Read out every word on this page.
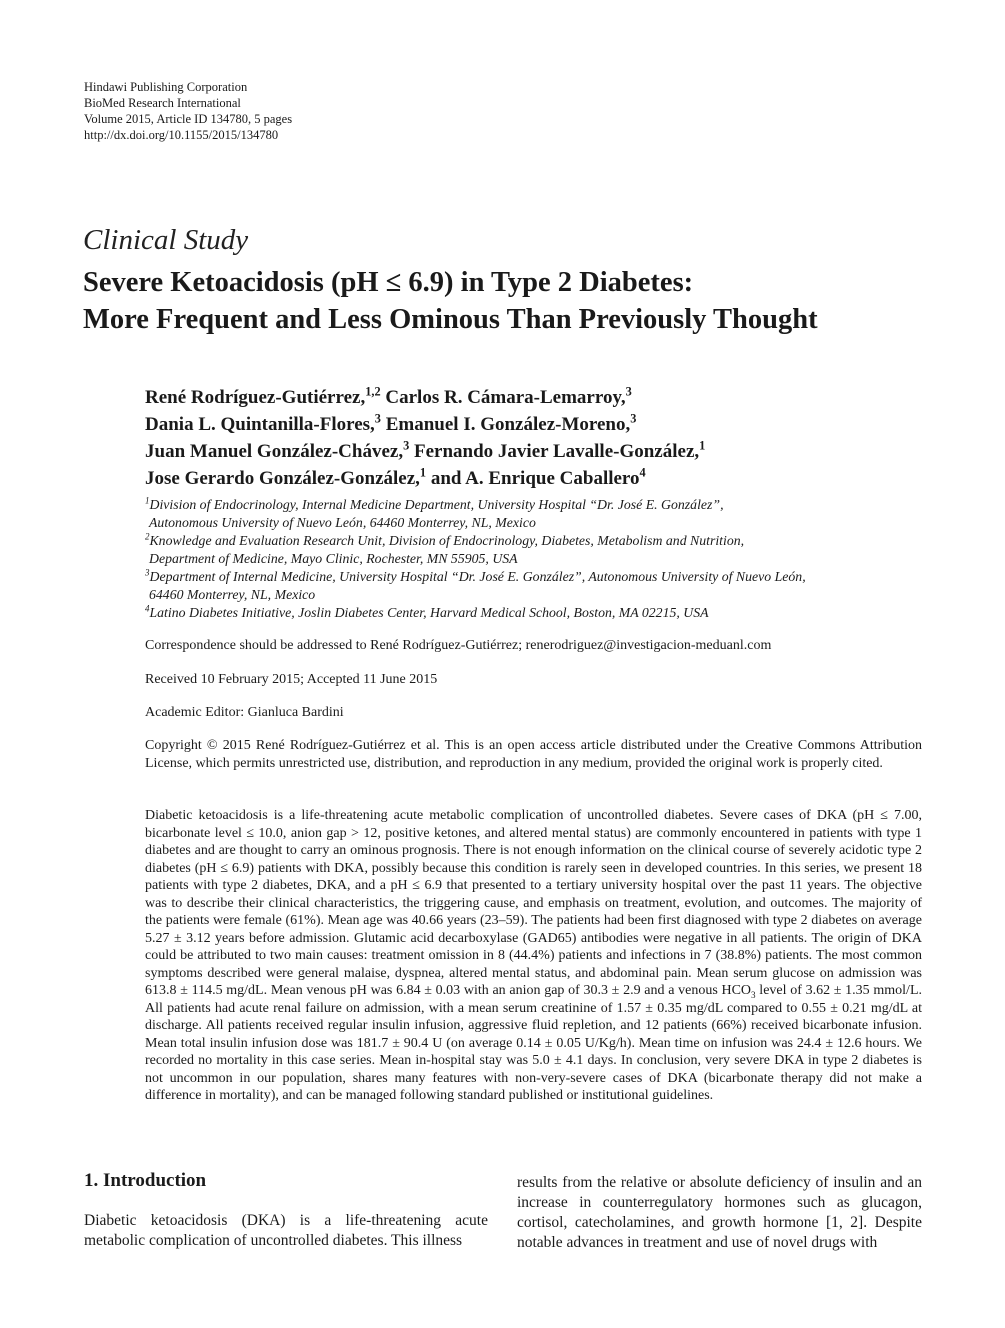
Hindawi Publishing Corporation
BioMed Research International
Volume 2015, Article ID 134780, 5 pages
http://dx.doi.org/10.1155/2015/134780
Clinical Study
Severe Ketoacidosis (pH ≤ 6.9) in Type 2 Diabetes:
More Frequent and Less Ominous Than Previously Thought
René Rodríguez-Gutiérrez,$^{1,2}$ Carlos R. Cámara-Lemarroy,$^3$
Dania L. Quintanilla-Flores,$^3$ Emanuel I. González-Moreno,$^3$
Juan Manuel González-Chávez,$^3$ Fernando Javier Lavalle-González,$^1$
Jose Gerardo González-González,$^1$ and A. Enrique Caballero$^4$
$^1$Division of Endocrinology, Internal Medicine Department, University Hospital “Dr. José E. González”,
Autonomous University of Nuevo León, 64460 Monterrey, NL, Mexico
$^2$Knowledge and Evaluation Research Unit, Division of Endocrinology, Diabetes, Metabolism and Nutrition,
Department of Medicine, Mayo Clinic, Rochester, MN 55905, USA
$^3$Department of Internal Medicine, University Hospital “Dr. José E. González”, Autonomous University of Nuevo León,
64460 Monterrey, NL, Mexico
$^4$Latino Diabetes Initiative, Joslin Diabetes Center, Harvard Medical School, Boston, MA 02215, USA
Correspondence should be addressed to René Rodríguez-Gutiérrez; renerodriguez@investigacion-meduanl.com
Received 10 February 2015; Accepted 11 June 2015
Academic Editor: Gianluca Bardini
Copyright © 2015 René Rodríguez-Gutiérrez et al. This is an open access article distributed under the Creative Commons Attribution License, which permits unrestricted use, distribution, and reproduction in any medium, provided the original work is properly cited.
Diabetic ketoacidosis is a life-threatening acute metabolic complication of uncontrolled diabetes. Severe cases of DKA (pH ≤ 7.00, bicarbonate level ≤ 10.0, anion gap > 12, positive ketones, and altered mental status) are commonly encountered in patients with type 1 diabetes and are thought to carry an ominous prognosis. There is not enough information on the clinical course of severely acidotic type 2 diabetes (pH ≤ 6.9) patients with DKA, possibly because this condition is rarely seen in developed countries. In this series, we present 18 patients with type 2 diabetes, DKA, and a pH ≤ 6.9 that presented to a tertiary university hospital over the past 11 years. The objective was to describe their clinical characteristics, the triggering cause, and emphasis on treatment, evolution, and outcomes. The majority of the patients were female (61%). Mean age was 40.66 years (23–59). The patients had been first diagnosed with type 2 diabetes on average 5.27 ± 3.12 years before admission. Glutamic acid decarboxylase (GAD65) antibodies were negative in all patients. The origin of DKA could be attributed to two main causes: treatment omission in 8 (44.4%) patients and infections in 7 (38.8%) patients. The most common symptoms described were general malaise, dyspnea, altered mental status, and abdominal pain. Mean serum glucose on admission was 613.8 ± 114.5 mg/dL. Mean venous pH was 6.84 ± 0.03 with an anion gap of 30.3 ± 2.9 and a venous $HCO_3$ level of 3.62 ± 1.35 mmol/L. All patients had acute renal failure on admission, with a mean serum creatinine of 1.57 ± 0.35 mg/dL compared to 0.55 ± 0.21 mg/dL at discharge. All patients received regular insulin infusion, aggressive fluid repletion, and 12 patients (66%) received bicarbonate infusion. Mean total insulin infusion dose was 181.7 ± 90.4 U (on average 0.14 ± 0.05 U/Kg/h). Mean time on infusion was 24.4 ± 12.6 hours. We recorded no mortality in this case series. Mean in-hospital stay was 5.0 ± 4.1 days. In conclusion, very severe DKA in type 2 diabetes is not uncommon in our population, shares many features with non-very-severe cases of DKA (bicarbonate therapy did not make a difference in mortality), and can be managed following standard published or institutional guidelines.
1. Introduction
Diabetic ketoacidosis (DKA) is a life-threatening acute metabolic complication of uncontrolled diabetes. This illness
results from the relative or absolute deficiency of insulin and an increase in counterregulatory hormones such as glucagon, cortisol, catecholamines, and growth hormone [1, 2]. Despite notable advances in treatment and use of novel drugs with
